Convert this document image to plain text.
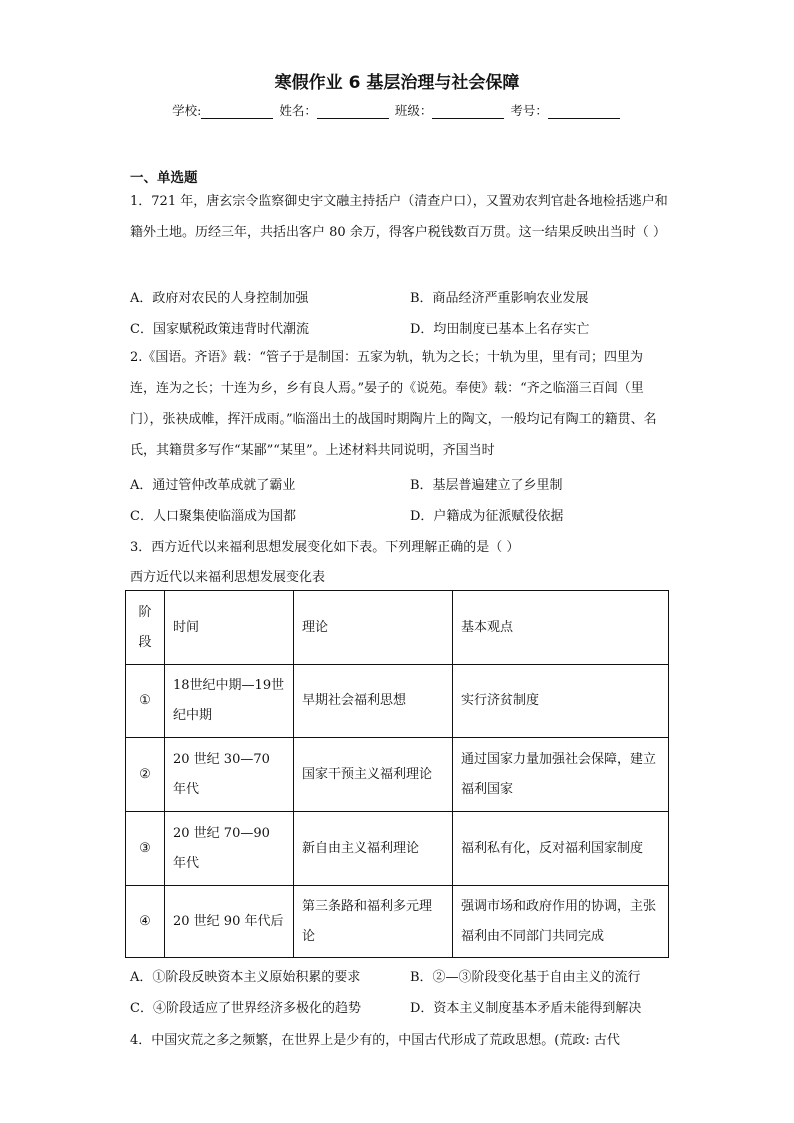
寒假作业 6 基层治理与社会保障
学校:	姓名：	班级：	考号：
一、单选题
1．721 年，唐玄宗令监察御史宇文融主持括户（清查户口），又置劝农判官赴各地检括逃户和籍外土地。历经三年，共括出客户 80 余万，得客户税钱数百万贯。这一结果反映出当时（ ）
A．政府对农民的人身控制加强	B．商品经济严重影响农业发展
C．国家赋税政策违背时代潮流	D．均田制度已基本上名存实亡
2.《国语。齐语》载：“管子于是制国：五家为轨，轨为之长；十轨为里，里有司；四里为连，连为之长；十连为乡，乡有良人焉。”晏子的《说苑。奉使》载：“齐之临淄三百闾（里门），张袂成帷，挥汗成雨。”临淄出土的战国时期陶片上的陶文，一般均记有陶工的籍贯、名氏，其籍贯多写作“某鄙”“某里”。上述材料共同说明，齐国当时
A．通过管仲改革成就了霸业	B．基层普遍建立了乡里制
C．人口聚集使临淄成为国都	D．户籍成为征派赋役依据
3．西方近代以来福利思想发展变化如下表。下列理解正确的是（ ）
西方近代以来福利思想发展变化表
阶段	时间	理论	基本观点
①	18世纪中期—19世纪中期	早期社会福利思想	实行济贫制度
②	20 世纪 30—70 年代	国家干预主义福利理论	通过国家力量加强社会保障，建立福利国家
③	20 世纪 70—90 年代	新自由主义福利理论	福利私有化，反对福利国家制度
④	20 世纪 90 年代后	第三条路和福利多元理论	强调市场和政府作用的协调，主张福利由不同部门共同完成
A．①阶段反映资本主义原始积累的要求	B．②—③阶段变化基于自由主义的流行
C．④阶段适应了世界经济多极化的趋势	D．资本主义制度基本矛盾未能得到解决
4．中国灾荒之多之频繁，在世界上是少有的，中国古代形成了荒政思想。(荒政: 古代
